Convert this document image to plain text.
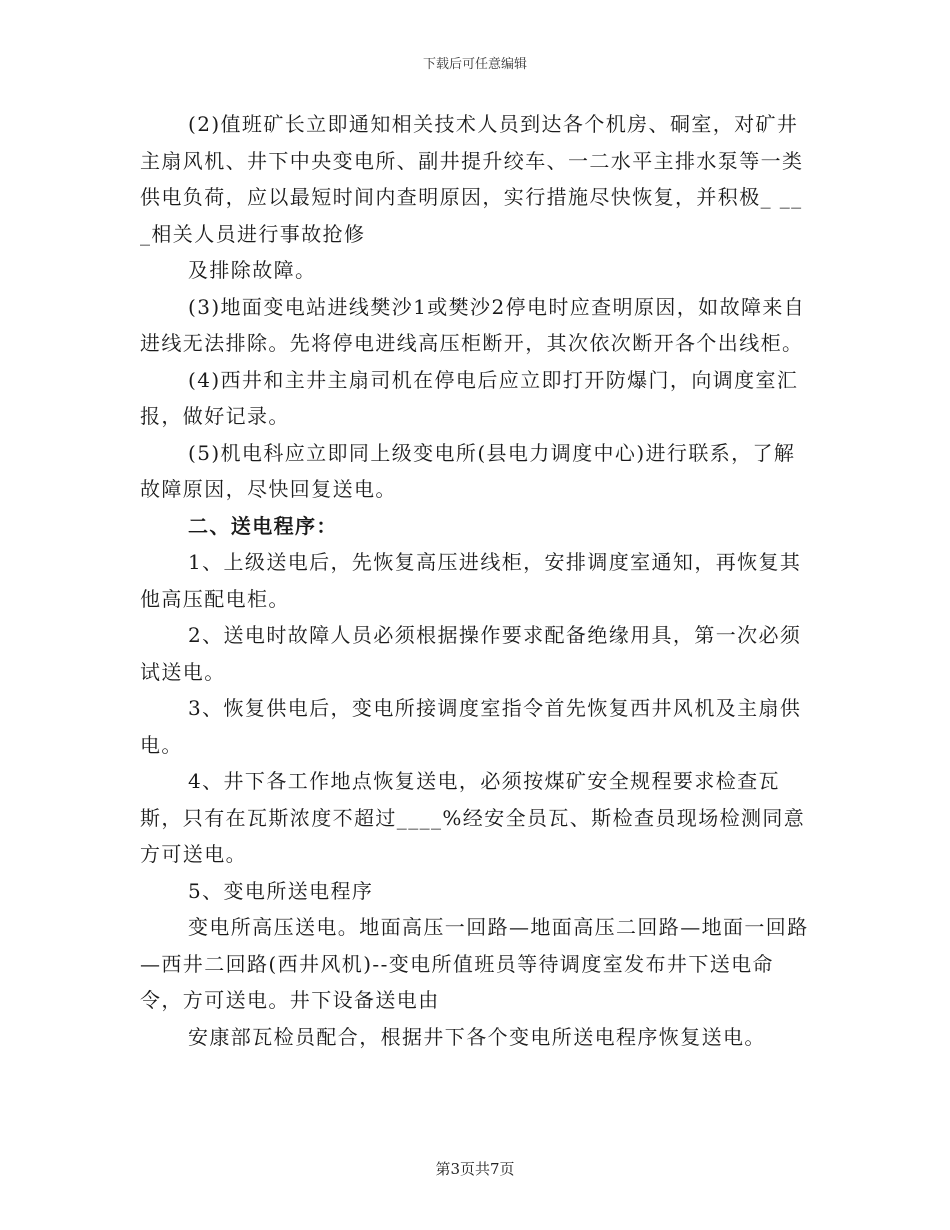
下载后可任意编辑

(2)值班矿长立即通知相关技术人员到达各个机房、硐室，对矿井主扇风机、井下中央变电所、副井提升绞车、一二水平主排水泵等一类供电负荷，应以最短时间内查明原因，实行措施尽快恢复，并积极_ ___相关人员进行事故抢修

及排除故障。

(3)地面变电站进线樊沙1或樊沙2停电时应查明原因，如故障来自进线无法排除。先将停电进线高压柜断开，其次依次断开各个出线柜。

(4)西井和主井主扇司机在停电后应立即打开防爆门，向调度室汇报，做好记录。

(5)机电科应立即同上级变电所(县电力调度中心)进行联系，了解故障原因，尽快回复送电。

二、送电程序：

1、上级送电后，先恢复高压进线柜，安排调度室通知，再恢复其他高压配电柜。

2、送电时故障人员必须根据操作要求配备绝缘用具，第一次必须试送电。

3、恢复供电后，变电所接调度室指令首先恢复西井风机及主扇供电。

4、井下各工作地点恢复送电，必须按煤矿安全规程要求检查瓦斯，只有在瓦斯浓度不超过____%经安全员瓦、斯检查员现场检测同意方可送电。

5、变电所送电程序

变电所高压送电。地面高压一回路—地面高压二回路—地面一回路—西井二回路(西井风机)--变电所值班员等待调度室发布井下送电命令，方可送电。井下设备送电由

安康部瓦检员配合，根据井下各个变电所送电程序恢复送电。

第3页共7页
